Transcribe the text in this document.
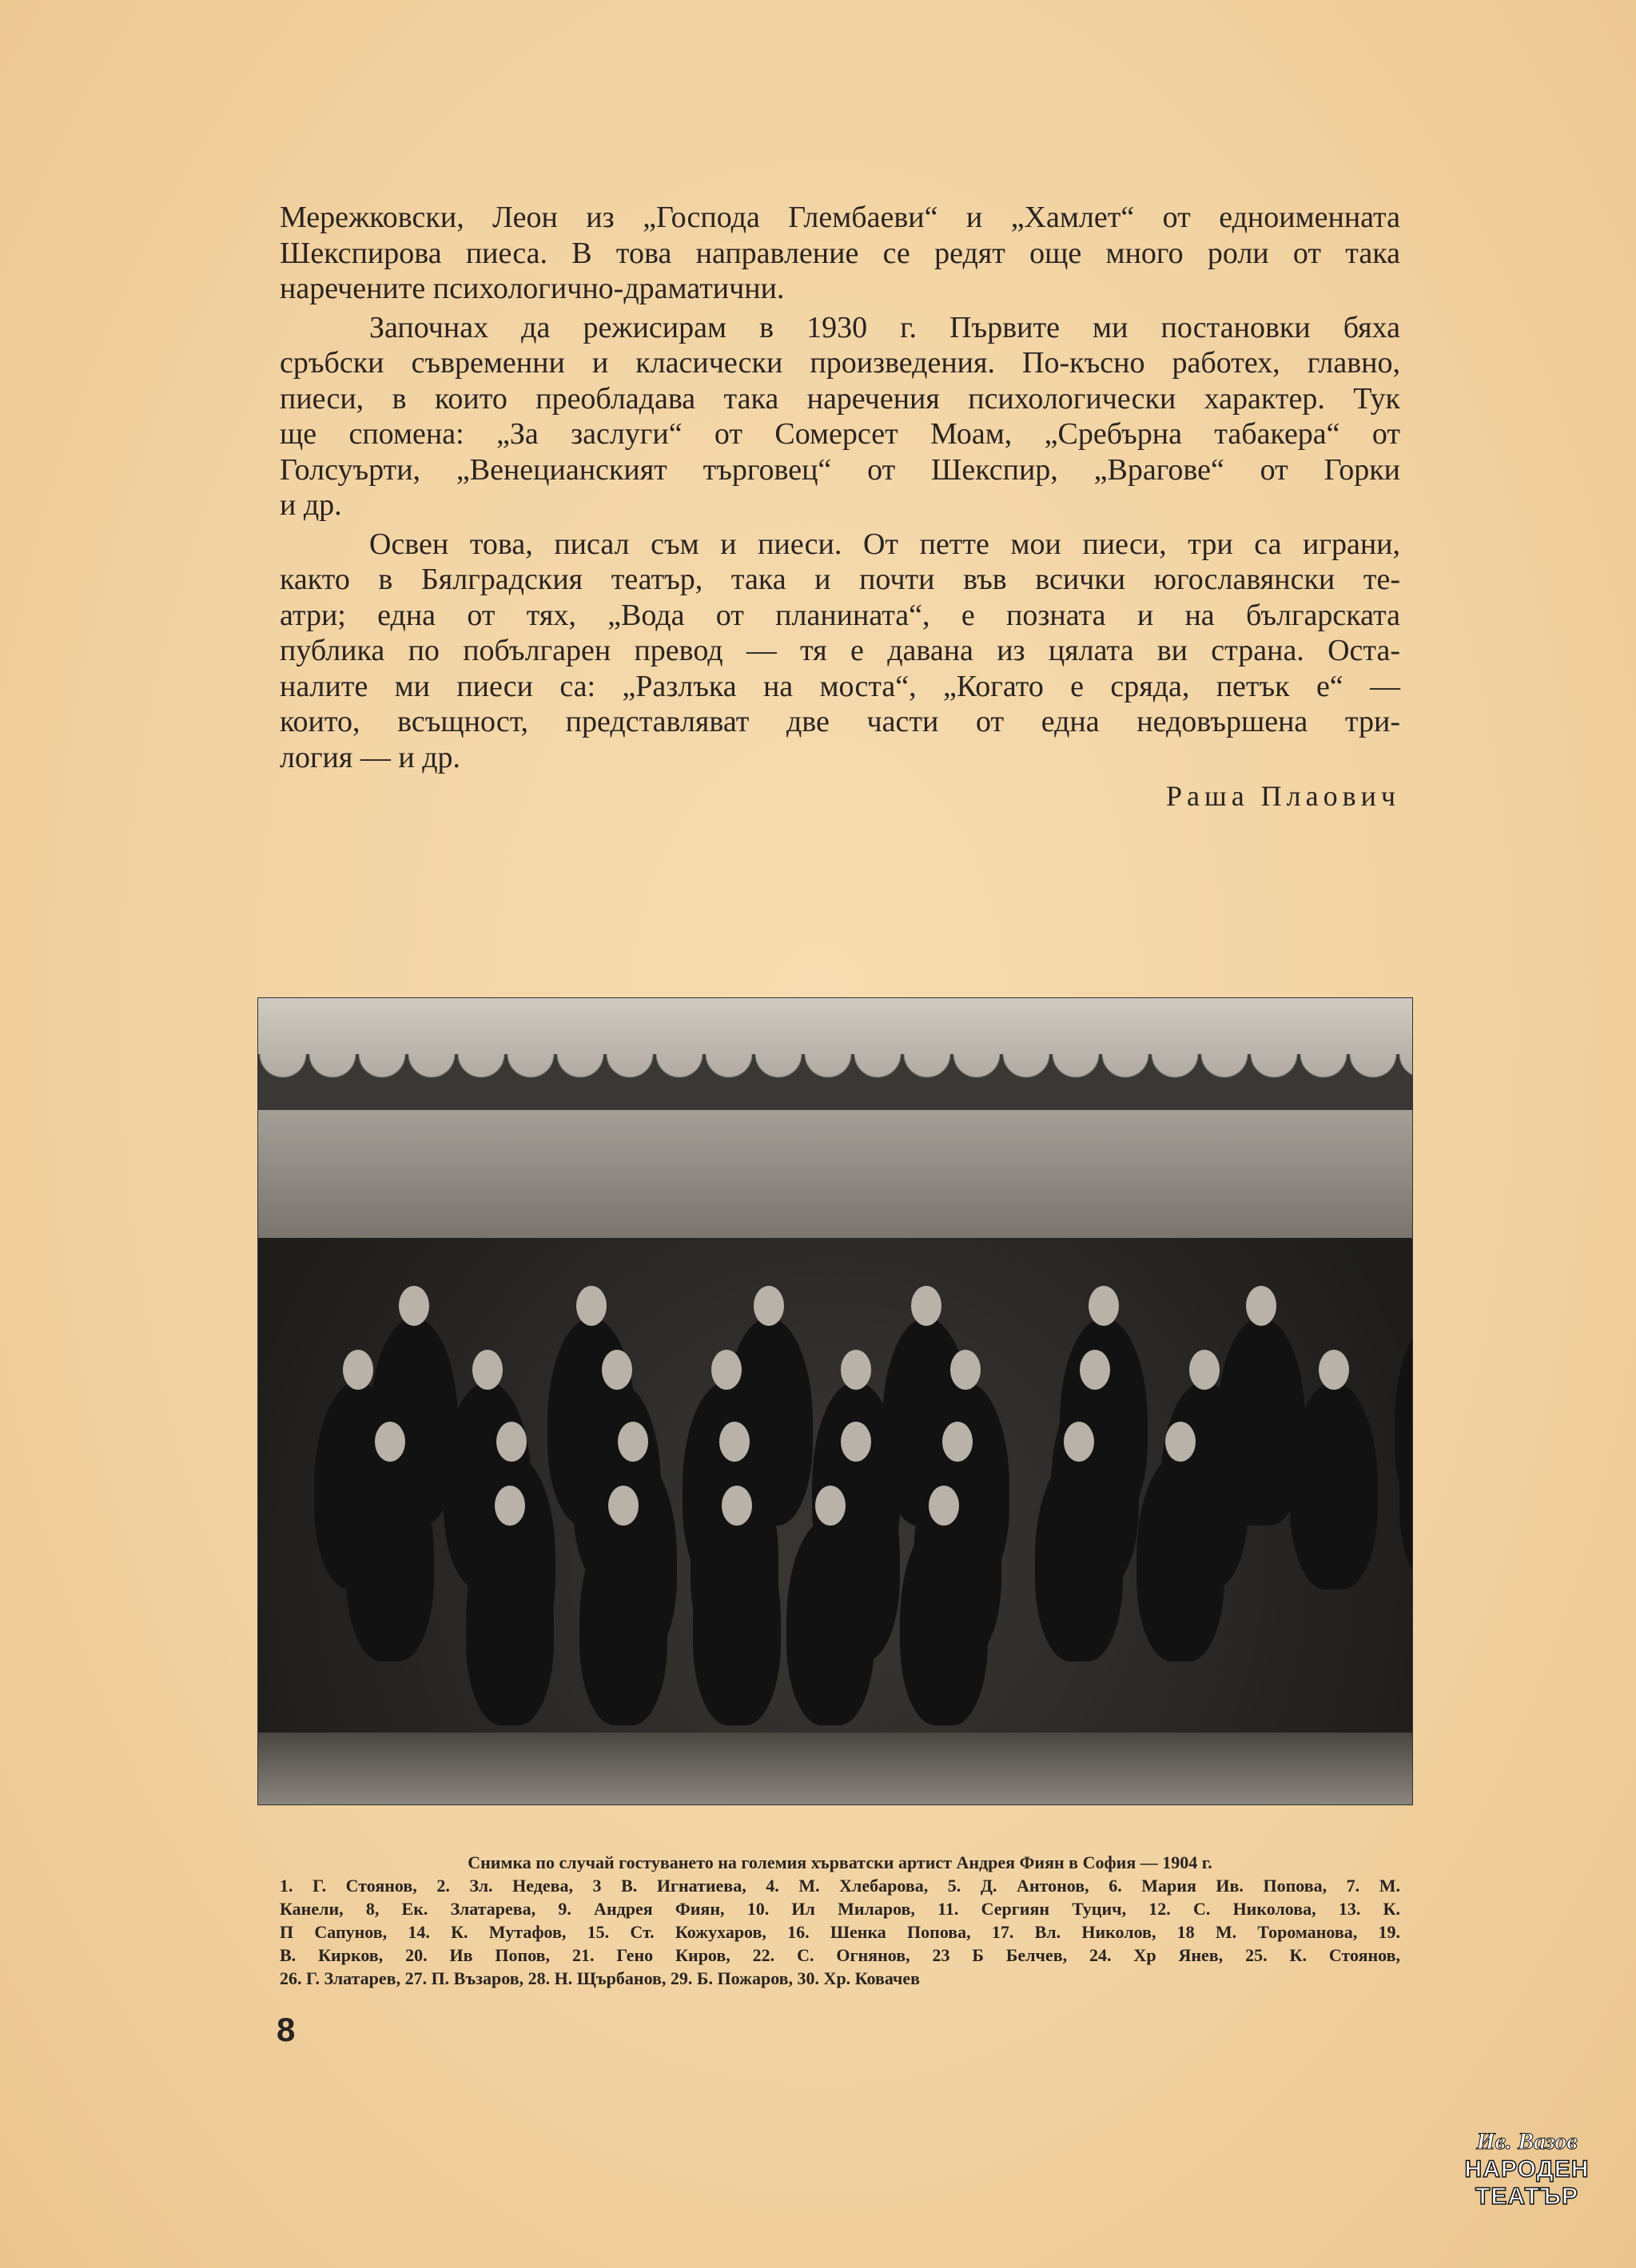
Мережковски, Леон из „Господа Глембаеви“ и „Хамлет“ от едноименната
Шекспирова пиеса. В това направление се редят още много роли от така
наречените психологично-драматични.
Започнах да режисирам в 1930 г. Първите ми постановки бяха
сръбски съвременни и класически произведения. По-късно работех, главно,
пиеси, в които преобладава така наречения психологически характер. Тук
ще спомена: „За заслуги“ от Сомерсет Моам, „Сребърна табакера“ от
Голсуърти, „Венецианският търговец“ от Шекспир, „Врагове“ от Горки
и др.
Освен това, писал съм и пиеси. От петте мои пиеси, три са играни,
както в Бялградския театър, така и почти във всички югославянски те-
атри; една от тях, „Вода от планината“, е позната и на българската
публика по побългарен превод — тя е давана из цялата ви страна. Оста-
налите ми пиеси са: „Разлъка на моста“, „Когато е сряда, петък е“ —
които, всъщност, представляват две части от една недовършена три-
логия — и др.
Раша Плаович
Снимка по случай гостуването на големия хърватски артист Андрея Фиян в София — 1904 г.
1. Г. Стоянов, 2. Зл. Недева, 3 В. Игнатиева, 4. М. Хлебарова, 5. Д. Антонов, 6. Мария Ив. Попова, 7. М.
Канели, 8, Ек. Златарева, 9. Андрея Фиян, 10. Ил Миларов, 11. Сергиян Туцич, 12. С. Николова, 13. К.
П Сапунов, 14. К. Мутафов, 15. Ст. Кожухаров, 16. Шенка Попова, 17. Вл. Николов, 18 М. Тороманова, 19.
В. Кирков, 20. Ив Попов, 21. Гено Киров, 22. С. Огнянов, 23 Б Белчев, 24. Хр Янев, 25. К. Стоянов,
26. Г. Златарев, 27. П. Възаров, 28. Н. Щърбанов, 29. Б. Пожаров, 30. Хр. Ковачев
8
Ив. Вазов
НАРОДЕН
ТЕАТЪР
